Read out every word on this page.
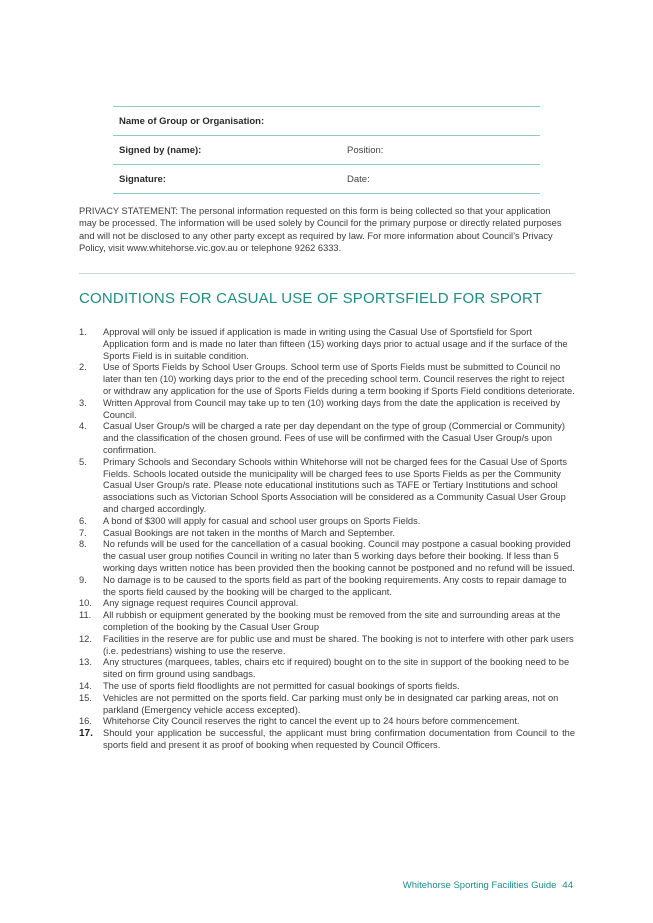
Name of Group or Organisation:
Signed by (name):	Position:
Signature:	Date:

PRIVACY STATEMENT: The personal information requested on this form is being collected so that your application may be processed. The information will be used solely by Council for the primary purpose or directly related purposes and will not be disclosed to any other party except as required by law. For more information about Council’s Privacy Policy, visit www.whitehorse.vic.gov.au or telephone 9262 6333.

CONDITIONS FOR CASUAL USE OF SPORTSFIELD FOR SPORT
1.	Approval will only be issued if application is made in writing using the Casual Use of Sportsfield for Sport Application form and is made no later than fifteen (15) working days prior to actual usage and if the surface of the Sports Field is in suitable condition.
2.	Use of Sports Fields by School User Groups. School term use of Sports Fields must be submitted to Council no later than ten (10) working days prior to the end of the preceding school term. Council reserves the right to reject or withdraw any application for the use of Sports Fields during a term booking if Sports Field conditions deteriorate.
3.	Written Approval from Council may take up to ten (10) working days from the date the application is received by Council.
4.	Casual User Group/s will be charged a rate per day dependant on the type of group (Commercial or Community) and the classification of the chosen ground. Fees of use will be confirmed with the Casual User Group/s upon confirmation.
5.	Primary Schools and Secondary Schools within Whitehorse will not be charged fees for the Casual Use of Sports Fields. Schools located outside the municipality will be charged fees to use Sports Fields as per the Community Casual User Group/s rate. Please note educational institutions such as TAFE or Tertiary Institutions and school associations such as Victorian School Sports Association will be considered as a Community Casual User Group and charged accordingly.
6.	A bond of $300 will apply for casual and school user groups on Sports Fields.
7.	Casual Bookings are not taken in the months of March and September.
8.	No refunds will be used for the cancellation of a casual booking. Council may postpone a casual booking provided the casual user group notifies Council in writing no later than 5 working days before their booking. If less than 5 working days written notice has been provided then the booking cannot be postponed and no refund will be issued.
9.	No damage is to be caused to the sports field as part of the booking requirements. Any costs to repair damage to the sports field caused by the booking will be charged to the applicant.
10.	Any signage request requires Council approval.
11.	All rubbish or equipment generated by the booking must be removed from the site and surrounding areas at the completion of the booking by the Casual User Group
12.	Facilities in the reserve are for public use and must be shared. The booking is not to interfere with other park users (i.e. pedestrians) wishing to use the reserve.
13.	Any structures (marquees, tables, chairs etc if required) bought on to the site in support of the booking need to be sited on firm ground using sandbags.
14.	The use of sports field floodlights are not permitted for casual bookings of sports fields.
15.	Vehicles are not permitted on the sports field. Car parking must only be in designated car parking areas, not on parkland (Emergency vehicle access excepted).
16.	Whitehorse City Council reserves the right to cancel the event up to 24 hours before commencement.
17.	Should your application be successful, the applicant must bring confirmation documentation from Council to the sports field and present it as proof of booking when requested by Council Officers.
Whitehorse Sporting Facilities Guide 44
